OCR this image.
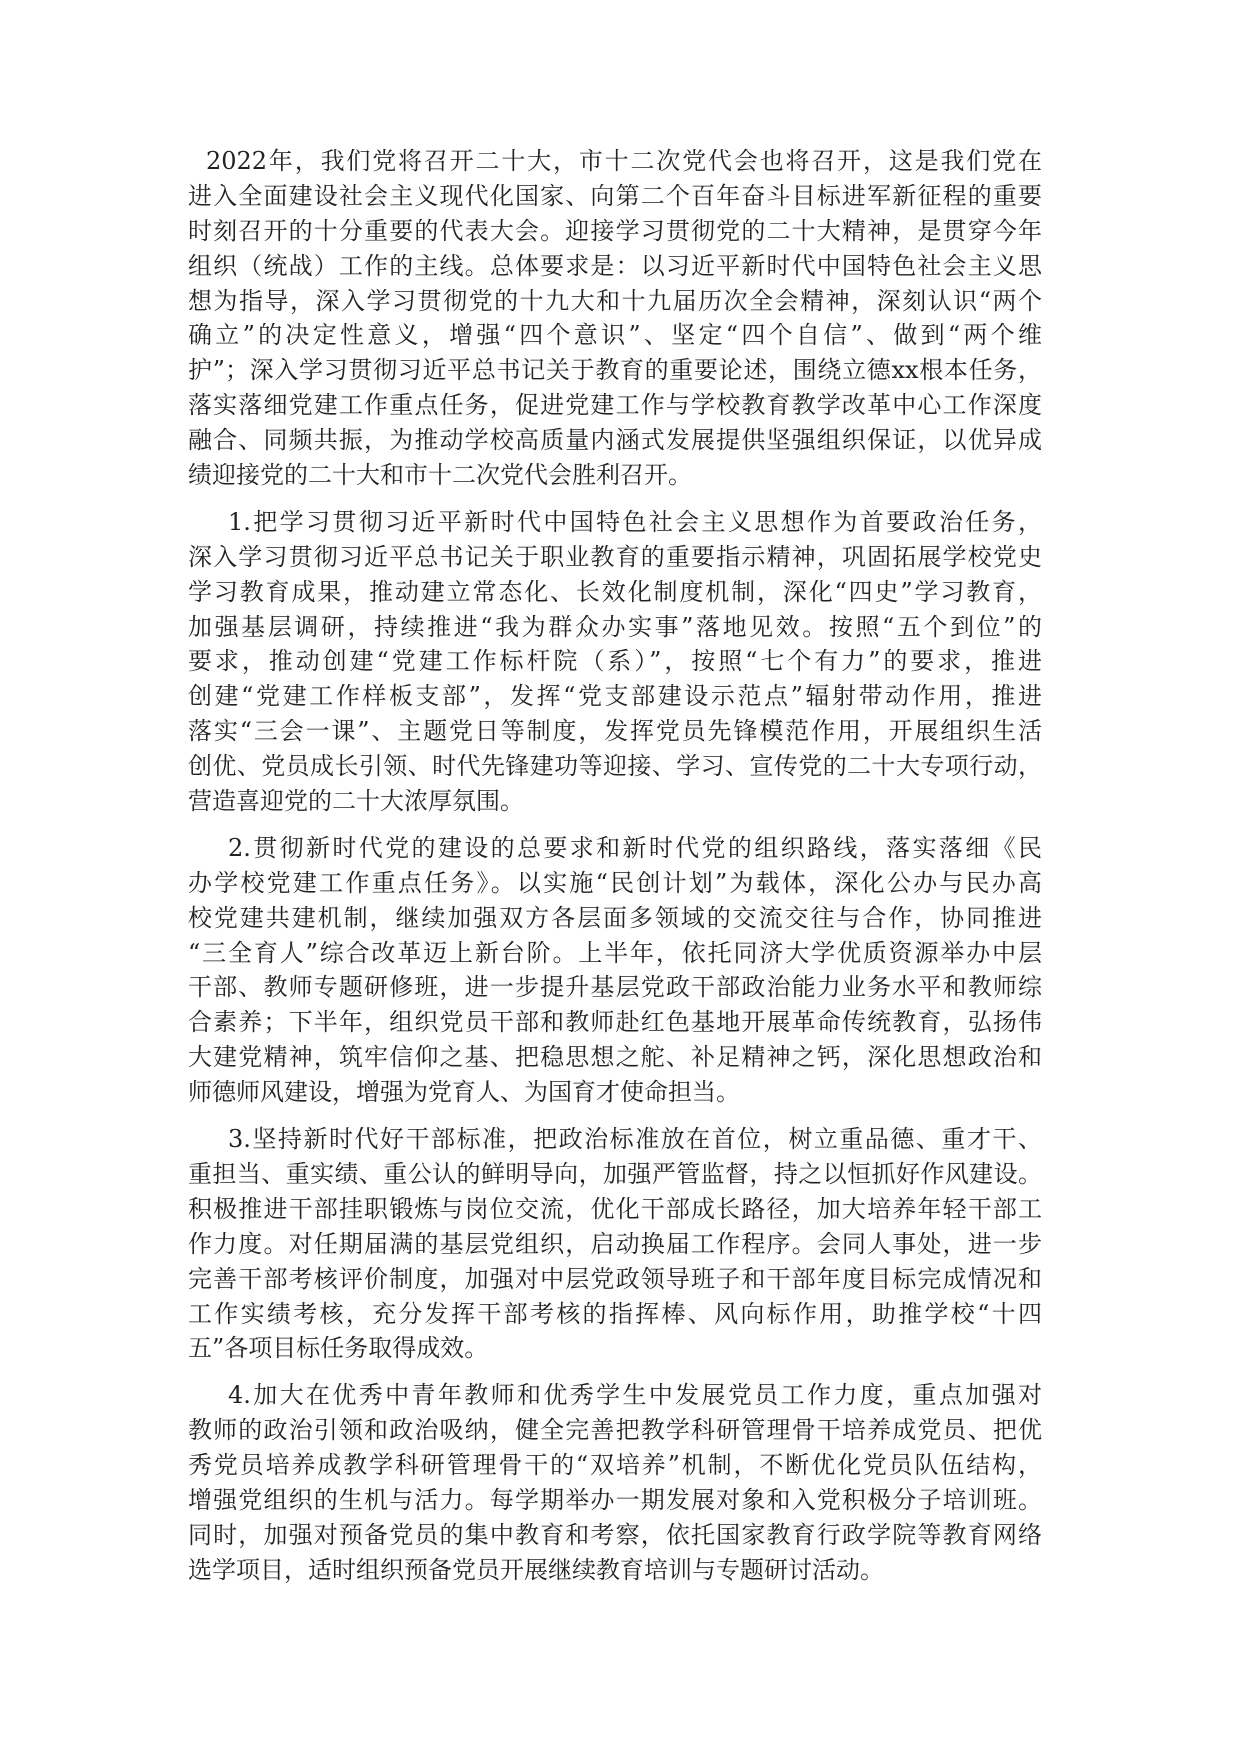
2022年，我们党将召开二十大，市十二次党代会也将召开，这是我们党在
进入全面建设社会主义现代化国家、向第二个百年奋斗目标进军新征程的重要
时刻召开的十分重要的代表大会。迎接学习贯彻党的二十大精神，是贯穿今年
组织（统战）工作的主线。总体要求是：以习近平新时代中国特色社会主义思
想为指导，深入学习贯彻党的十九大和十九届历次全会精神，深刻认识“两个
确立”的决定性意义，增强“四个意识”、坚定“四个自信”、做到“两个维
护”；深入学习贯彻习近平总书记关于教育的重要论述，围绕立德xx根本任务，
落实落细党建工作重点任务，促进党建工作与学校教育教学改革中心工作深度
融合、同频共振，为推动学校高质量内涵式发展提供坚强组织保证，以优异成
绩迎接党的二十大和市十二次党代会胜利召开。
1.把学习贯彻习近平新时代中国特色社会主义思想作为首要政治任务，
深入学习贯彻习近平总书记关于职业教育的重要指示精神，巩固拓展学校党史
学习教育成果，推动建立常态化、长效化制度机制，深化“四史”学习教育，
加强基层调研，持续推进“我为群众办实事”落地见效。按照“五个到位”的
要求，推动创建“党建工作标杆院（系）”，按照“七个有力”的要求，推进
创建“党建工作样板支部”，发挥“党支部建设示范点”辐射带动作用，推进
落实“三会一课”、主题党日等制度，发挥党员先锋模范作用，开展组织生活
创优、党员成长引领、时代先锋建功等迎接、学习、宣传党的二十大专项行动，
营造喜迎党的二十大浓厚氛围。
2.贯彻新时代党的建设的总要求和新时代党的组织路线，落实落细《民
办学校党建工作重点任务》。以实施“民创计划”为载体，深化公办与民办高
校党建共建机制，继续加强双方各层面多领域的交流交往与合作，协同推进
“三全育人”综合改革迈上新台阶。上半年，依托同济大学优质资源举办中层
干部、教师专题研修班，进一步提升基层党政干部政治能力业务水平和教师综
合素养；下半年，组织党员干部和教师赴红色基地开展革命传统教育，弘扬伟
大建党精神，筑牢信仰之基、把稳思想之舵、补足精神之钙，深化思想政治和
师德师风建设，增强为党育人、为国育才使命担当。
3.坚持新时代好干部标准，把政治标准放在首位，树立重品德、重才干、
重担当、重实绩、重公认的鲜明导向，加强严管监督，持之以恒抓好作风建设。
积极推进干部挂职锻炼与岗位交流，优化干部成长路径，加大培养年轻干部工
作力度。对任期届满的基层党组织，启动换届工作程序。会同人事处，进一步
完善干部考核评价制度，加强对中层党政领导班子和干部年度目标完成情况和
工作实绩考核，充分发挥干部考核的指挥棒、风向标作用，助推学校“十四
五”各项目标任务取得成效。
4.加大在优秀中青年教师和优秀学生中发展党员工作力度，重点加强对
教师的政治引领和政治吸纳，健全完善把教学科研管理骨干培养成党员、把优
秀党员培养成教学科研管理骨干的“双培养”机制，不断优化党员队伍结构，
增强党组织的生机与活力。每学期举办一期发展对象和入党积极分子培训班。
同时，加强对预备党员的集中教育和考察，依托国家教育行政学院等教育网络
选学项目，适时组织预备党员开展继续教育培训与专题研讨活动。
